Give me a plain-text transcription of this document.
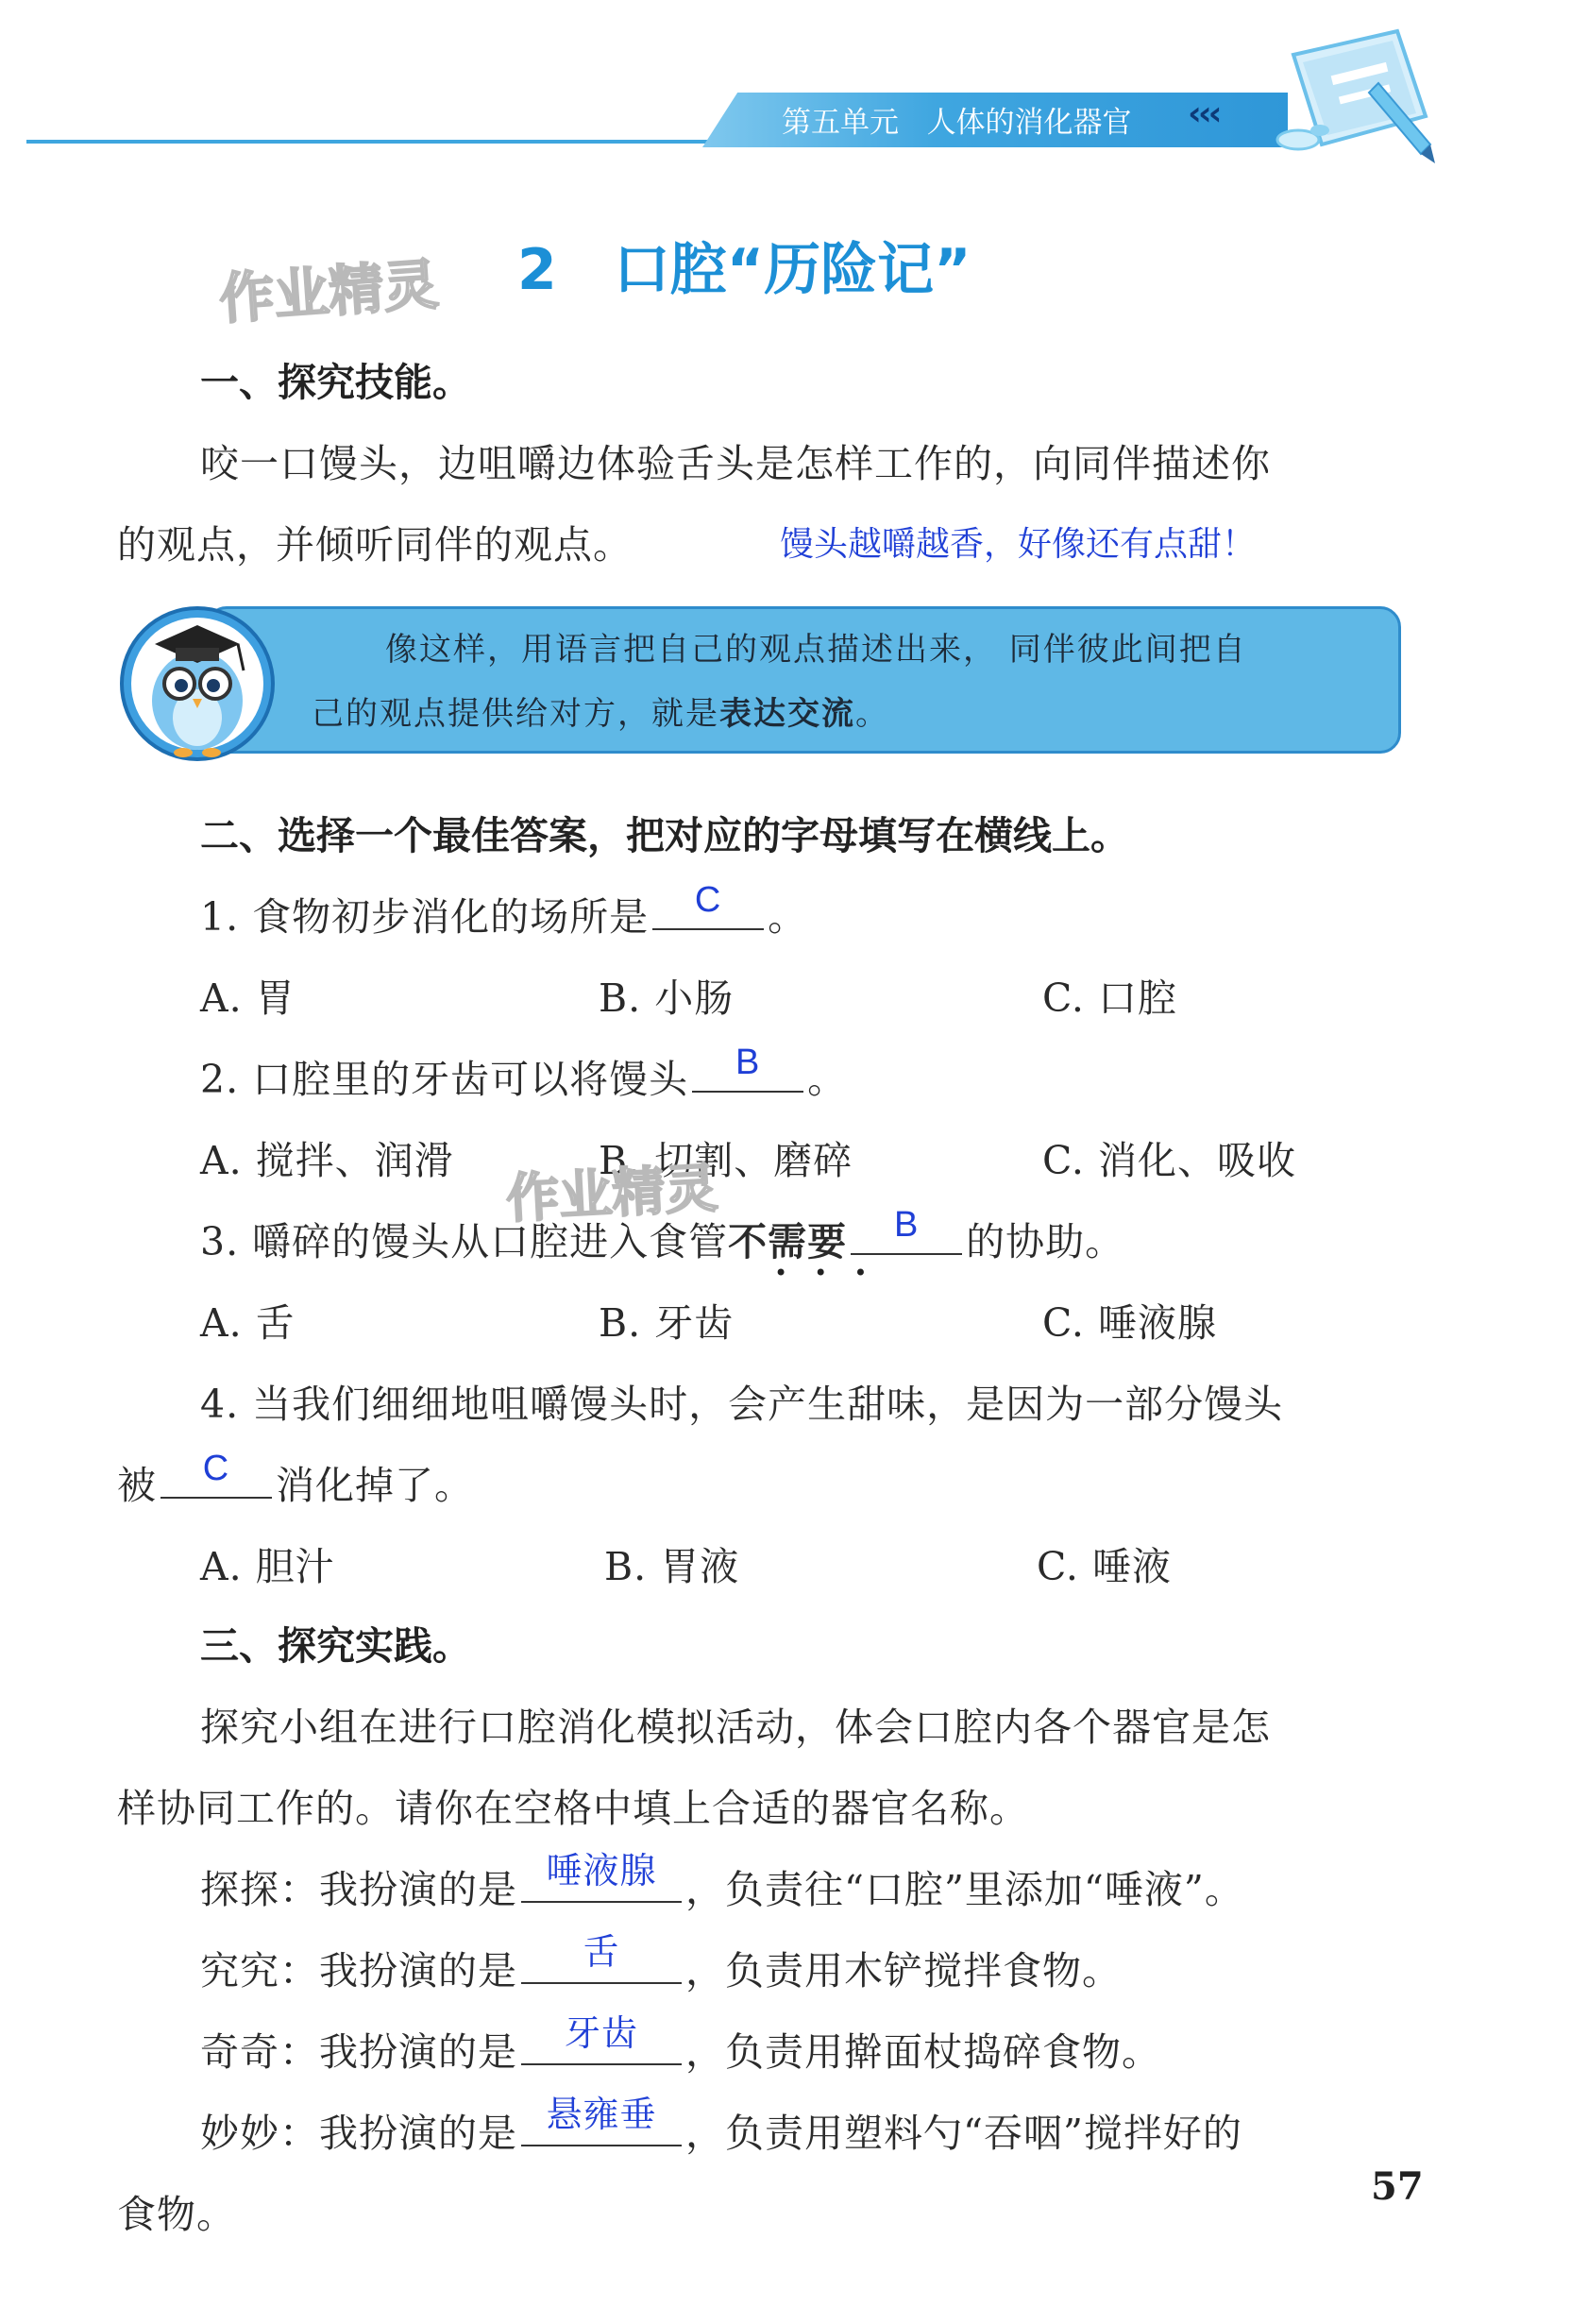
第五单元 人体的消化器官 ‹‹‹
作业精灵 2　口腔“历险记”
一、探究技能。
咬一口馒头，边咀嚼边体验舌头是怎样工作的，向同伴描述你
的观点，并倾听同伴的观点。	馒头越嚼越香，好像还有点甜！
像这样，用语言把自己的观点描述出来， 同伴彼此间把自
己的观点提供给对方，就是表达交流。
二、选择一个最佳答案，把对应的字母填写在横线上。
1. 食物初步消化的场所是	C	。
A. 胃	B. 小肠	C. 口腔
2. 口腔里的牙齿可以将馒头	B	。
A. 搅拌、润滑	B. 切割、磨碎	C. 消化、吸收
作业精灵
3. 嚼碎的馒头从口腔进入食管不需要	B	的协助。
•••
A. 舌	B. 牙齿	C. 唾液腺
4. 当我们细细地咀嚼馒头时，会产生甜味，是因为一部分馒头
被	C	消化掉了。
A. 胆汁	B. 胃液	C. 唾液
三、探究实践。
探究小组在进行口腔消化模拟活动，体会口腔内各个器官是怎
样协同工作的。请你在空格中填上合适的器官名称。
探探：我扮演的是 唾液腺 ，负责往“口腔”里添加“唾液”。
究究：我扮演的是	舌	，负责用木铲搅拌食物。
奇奇：我扮演的是	牙齿	，负责用擀面杖捣碎食物。
妙妙：我扮演的是 悬雍垂 ，负责用塑料勺“吞咽”搅拌好的
食物。
57
